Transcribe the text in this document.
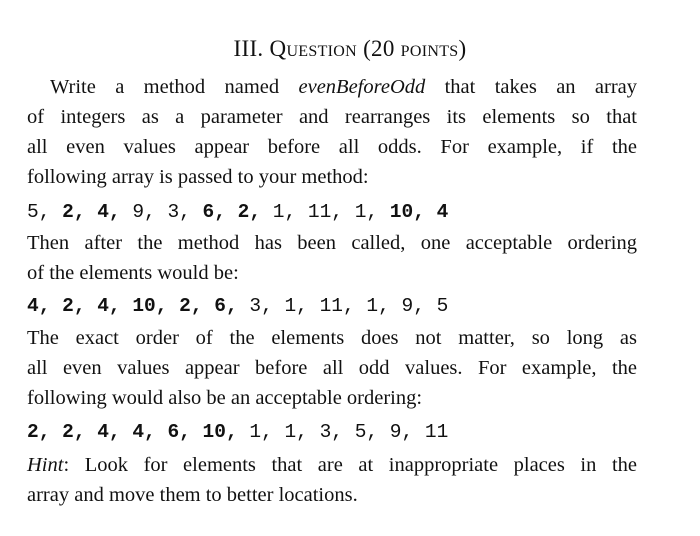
III. Question (20 points)
Write a method named evenBeforeOdd that takes an array
of integers as a parameter and rearranges its elements so that
all even values appear before all odds. For example, if the
following array is passed to your method:
5, 2, 4, 9, 3, 6, 2, 1, 11, 1, 10, 4
Then after the method has been called, one acceptable ordering
of the elements would be:
4, 2, 4, 10, 2, 6, 3, 1, 11, 1, 9, 5
The exact order of the elements does not matter, so long as
all even values appear before all odd values. For example, the
following would also be an acceptable ordering:
2, 2, 4, 4, 6, 10, 1, 1, 3, 5, 9, 11
Hint: Look for elements that are at inappropriate places in the
array and move them to better locations.
